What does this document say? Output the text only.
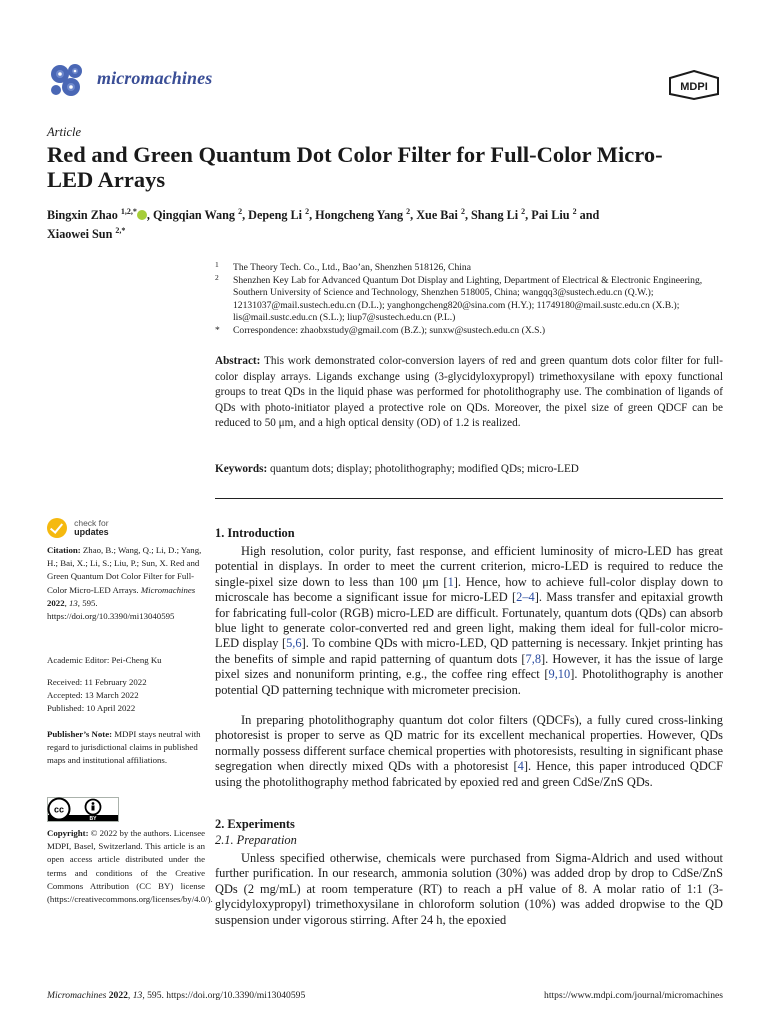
micromachines	MDPI
Article
Red and Green Quantum Dot Color Filter for Full-Color Micro-LED Arrays
Bingxin Zhao $^{1,2,*}$ , Qingqian Wang $^2$, Depeng Li $^2$, Hongcheng Yang $^2$, Xue Bai $^2$, Shang Li $^2$, Pai Liu $^2$ and
Xiaowei Sun $^{2,*}$
1 The Theory Tech. Co., Ltd., Bao’an, Shenzhen 518126, China
2 Shenzhen Key Lab for Advanced Quantum Dot Display and Lighting, Department of Electrical & Electronic Engineering, Southern University of Science and Technology, Shenzhen 518005, China; wangqq3@sustech.edu.cn (Q.W.); 12131037@mail.sustech.edu.cn (D.L.); yanghongcheng820@sina.com (H.Y.); 11749180@mail.sustc.edu.cn (X.B.); lis@mail.sustc.edu.cn (S.L.); liup7@sustech.edu.cn (P.L.)
* Correspondence: zhaobxstudy@gmail.com (B.Z.); sunxw@sustech.edu.cn (X.S.)
Abstract: This work demonstrated color-conversion layers of red and green quantum dots color filter for full-color display arrays. Ligands exchange using (3-glycidyloxypropyl) trimethoxysilane with epoxy functional groups to treat QDs in the liquid phase was performed for photolithography use. The combination of ligands of QDs with photo-initiator played a protective role on QDs. Moreover, the pixel size of green QDCF can be reduced to 50 μm, and a high optical density (OD) of 1.2 is realized.
Keywords: quantum dots; display; photolithography; modified QDs; micro-LED
check for
updates
Citation: Zhao, B.; Wang, Q.; Li, D.; Yang, H.; Bai, X.; Li, S.; Liu, P.; Sun, X. Red and Green Quantum Dot Color Filter for Full-Color Micro-LED Arrays. Micromachines 2022, 13, 595. https://doi.org/10.3390/mi13040595
Academic Editor: Pei-Cheng Ku
Received: 11 February 2022
Accepted: 13 March 2022
Published: 10 April 2022
Publisher’s Note: MDPI stays neutral with regard to jurisdictional claims in published maps and institutional affiliations.
cc
BY
Copyright: © 2022 by the authors. Licensee MDPI, Basel, Switzerland. This article is an open access article distributed under the terms and conditions of the Creative Commons Attribution (CC BY) license (https://creativecommons.org/licenses/by/4.0/).
1. Introduction
High resolution, color purity, fast response, and efficient luminosity of micro-LED has great potential in displays. In order to meet the current criterion, micro-LED is required to reduce the single-pixel size down to less than 100 μm [1]. Hence, how to achieve full-color display down to microscale has become a significant issue for micro-LED [2–4]. Mass transfer and epitaxial growth for fabricating full-color (RGB) micro-LED are difficult. Fortunately, quantum dots (QDs) can absorb blue light to generate color-converted red and green light, making them ideal for full-color micro-LED display [5,6]. To combine QDs with micro-LED, QD patterning is necessary. Inkjet printing has the benefits of simple and rapid patterning of quantum dots [7,8]. However, it has the issue of large pixel sizes and nonuniform printing, e.g., the coffee ring effect [9,10]. Photolithography is another potential QD patterning technique with micrometer precision.
In preparing photolithography quantum dot color filters (QDCFs), a fully cured cross-linking photoresist is proper to serve as QD matric for its excellent mechanical properties. However, QDs normally possess different surface chemical properties with photoresists, resulting in significant phase segregation when directly mixed QDs with a photoresist [4]. Hence, this paper introduced QDCF using the photolithography method fabricated by epoxied red and green CdSe/ZnS QDs.
2. Experiments
2.1. Preparation
Unless specified otherwise, chemicals were purchased from Sigma-Aldrich and used without further purification. In our research, ammonia solution (30%) was added drop by drop to CdSe/ZnS QDs (2 mg/mL) at room temperature (RT) to reach a pH value of 8. A molar ratio of 1:1 (3-glycidyloxypropyl) trimethoxysilane in chloroform solution (10%) was added dropwise to the QD suspension under vigorous stirring. After 24 h, the epoxied
Micromachines 2022, 13, 595. https://doi.org/10.3390/mi13040595	https://www.mdpi.com/journal/micromachines
